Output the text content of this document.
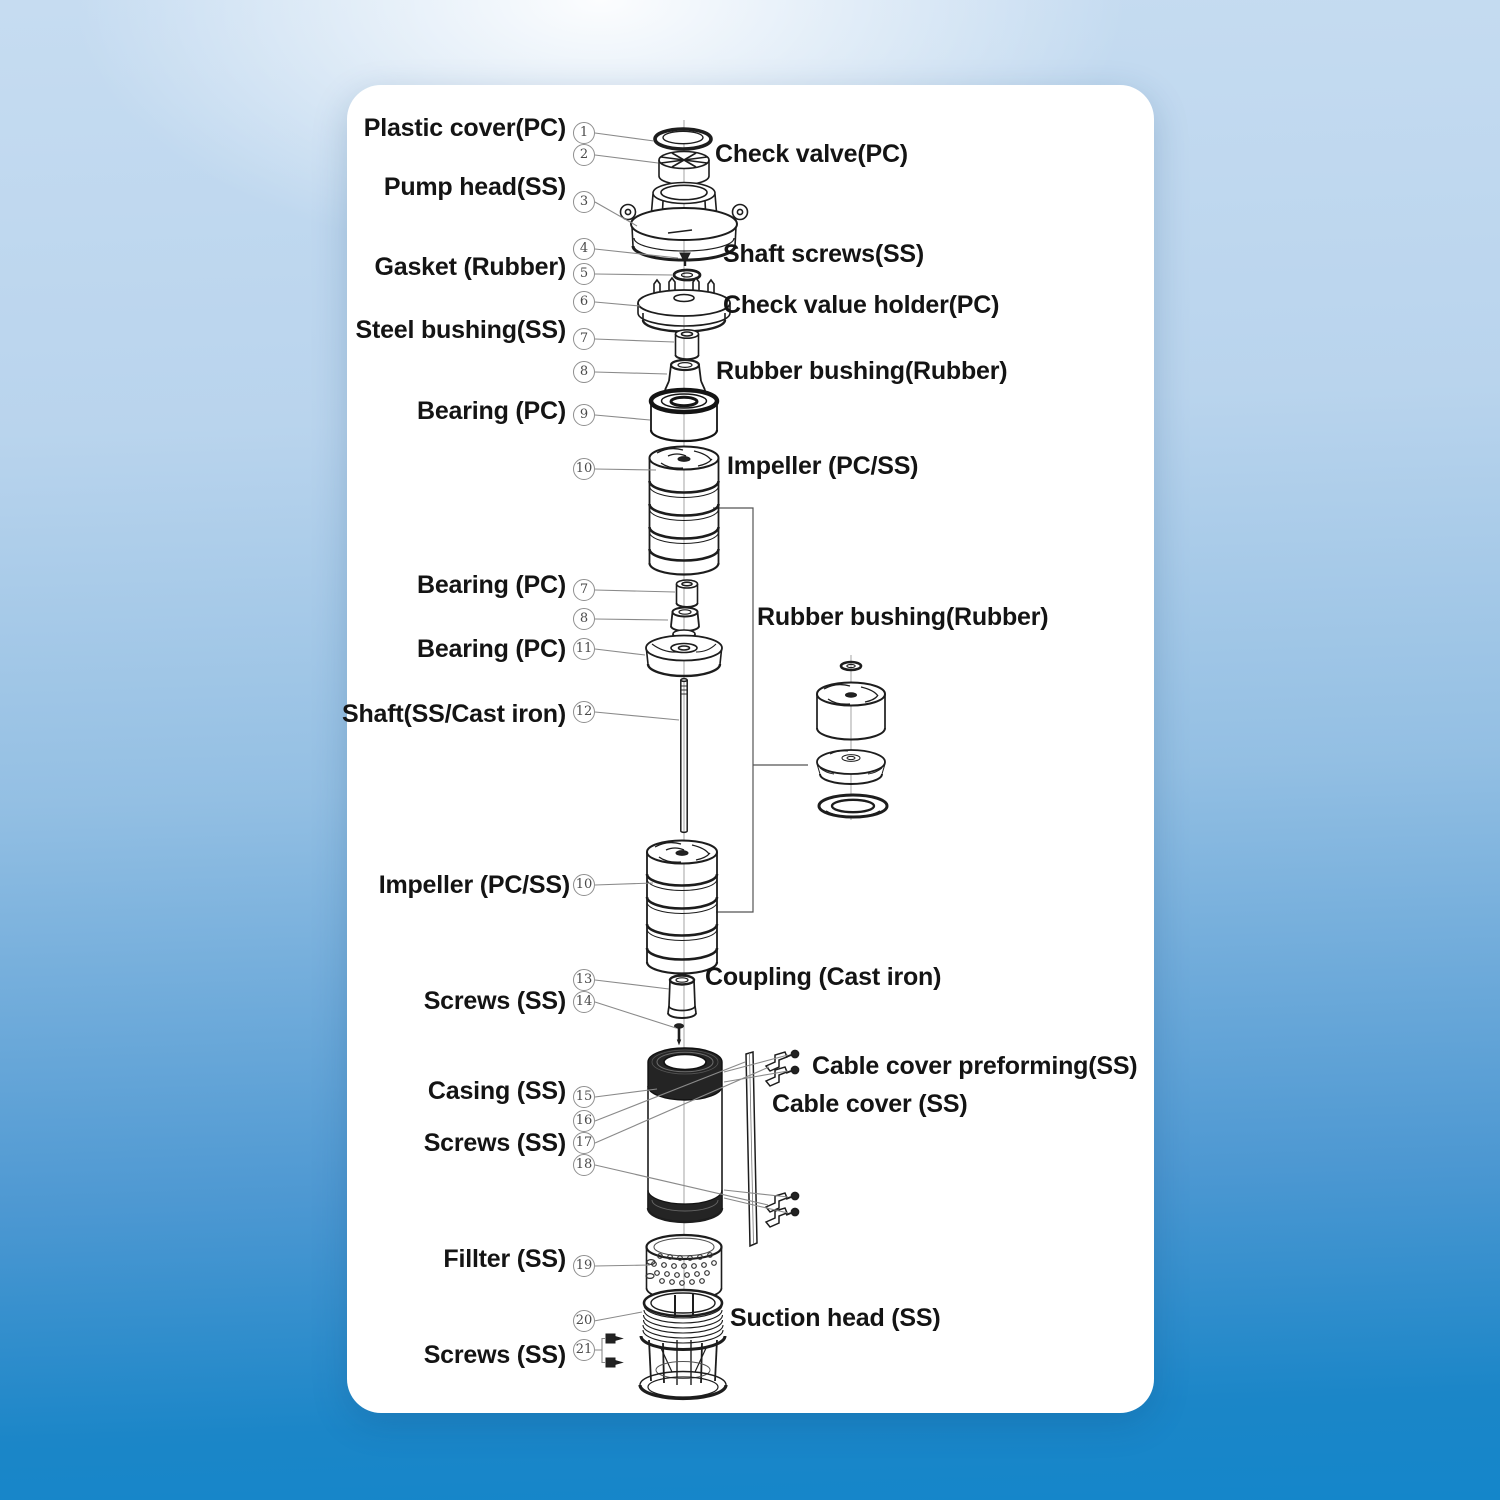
1
2
3
4
5
6
7
8
9
10
7
8
11
12
10
13
14
15
16
17
18
19
20
21
Plastic cover(PC)
Check valve(PC)
Pump head(SS)
Shaft screws(SS)
Gasket (Rubber)
Check value holder(PC)
Steel bushing(SS)
Rubber bushing(Rubber)
Bearing (PC)
Impeller (PC/SS)
Bearing (PC)
Rubber bushing(Rubber)
Bearing (PC)
Shaft(SS/Cast iron)
Impeller (PC/SS)
Coupling (Cast iron)
Screws (SS)
Casing (SS)
Screws (SS)
Cable cover preforming(SS)
Cable cover (SS)
Fillter (SS)
Suction head (SS)
Screws (SS)
